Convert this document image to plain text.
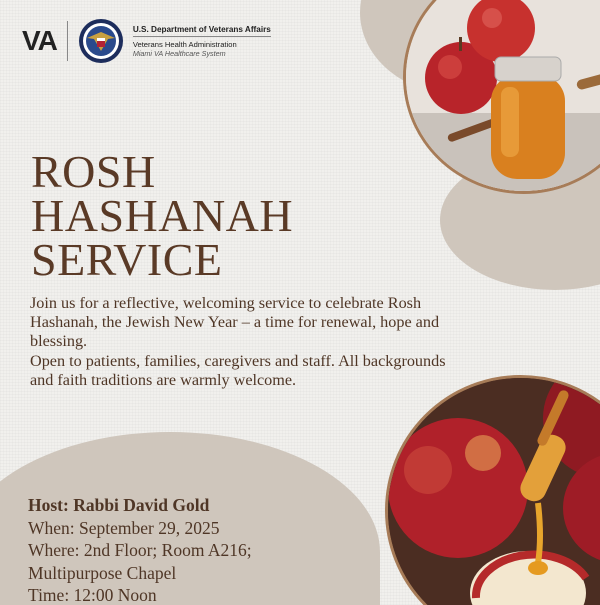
VA	U.S. Department of Veterans Affairs
Veterans Health Administration
Miami VA Healthcare System
ROSH
HASHANAH
SERVICE

Join us for a reflective, welcoming service to celebrate Rosh Hashanah, the Jewish New Year – a time for renewal, hope and blessing.

Open to patients, families, caregivers and staff. All backgrounds and faith traditions are warmly welcome.

Host: Rabbi David Gold
When: September 29, 2025
Where: 2nd Floor; Room A216;
Multipurpose Chapel
Time: 12:00 Noon
